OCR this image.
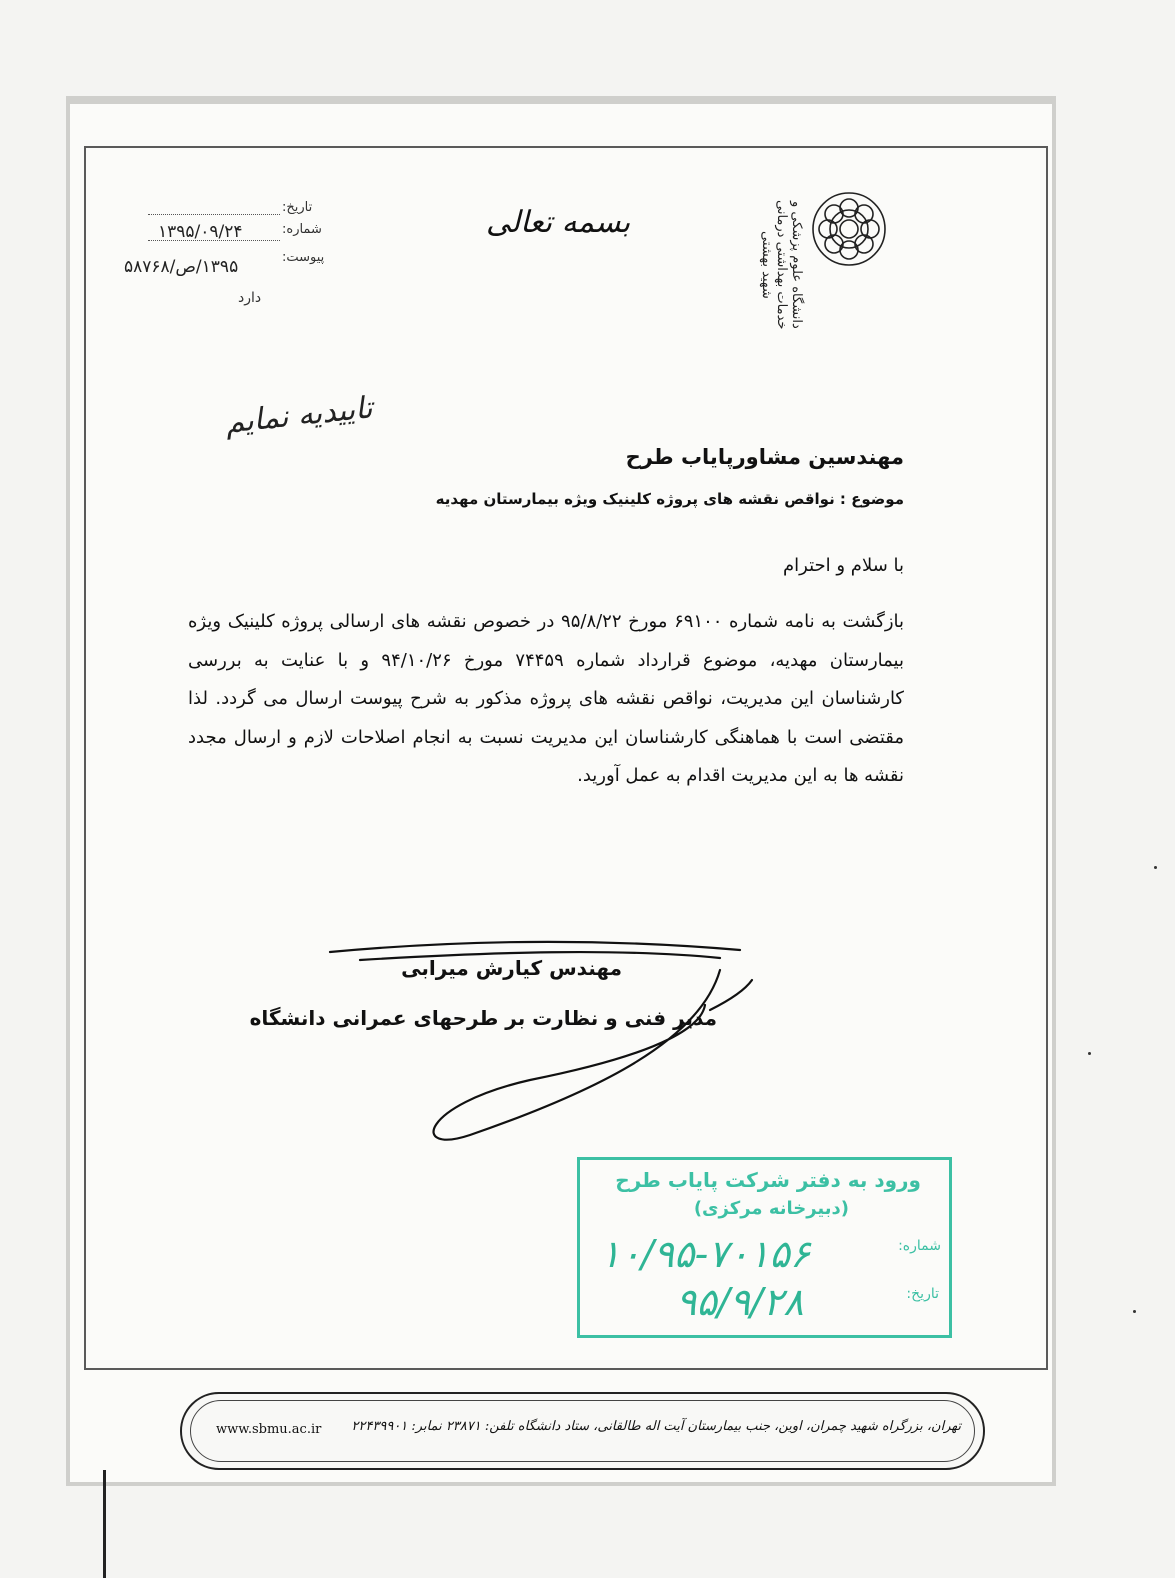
تاریخ:
شماره:
۱۳۹۵/۰۹/۲۴
پیوست:
۱۳۹۵/ص/۵۸۷۶۸
دارد
بسمه تعالی	دانشگاه علوم پزشکی و خدمات بهداشتی درمانی شهید بهشتی
تاییدیه نمایم
مهندسین مشاورپایاب طرح
موضوع : نواقص نقشه های پروژه کلینیک ویژه بیمارستان مهدیه
با سلام و احترام
بازگشت به نامه شماره ۶۹۱۰۰ مورخ ۹۵/۸/۲۲ در خصوص نقشه های ارسالی پروژه کلینیک ویژه بیمارستان مهدیه، موضوع قرارداد شماره ۷۴۴۵۹ مورخ ۹۴/۱۰/۲۶ و با عنایت به بررسی کارشناسان این مدیریت، نواقص نقشه های پروژه مذکور به شرح پیوست ارسال می گردد. لذا مقتضی است با هماهنگی کارشناسان این مدیریت نسبت به انجام اصلاحات لازم و ارسال مجدد نقشه ها به این مدیریت اقدام به عمل آورید.
مهندس کیارش میرابی
مدیر فنی و نظارت بر طرحهای عمرانی دانشگاه
ورود به دفتر شرکت پایاب طرح
(دبیرخانه مرکزی)
شماره:
تاریخ:
۱۰/۹۵-۷۰۱۵۶
۹۵/۹/۲۸
www.sbmu.ac.ir تهران، بزرگراه شهید چمران، اوین، جنب بیمارستان آیت اله طالقانی، ستاد دانشگاه تلفن: ۲۳۸۷۱ نمابر: ۲۲۴۳۹۹۰۱
